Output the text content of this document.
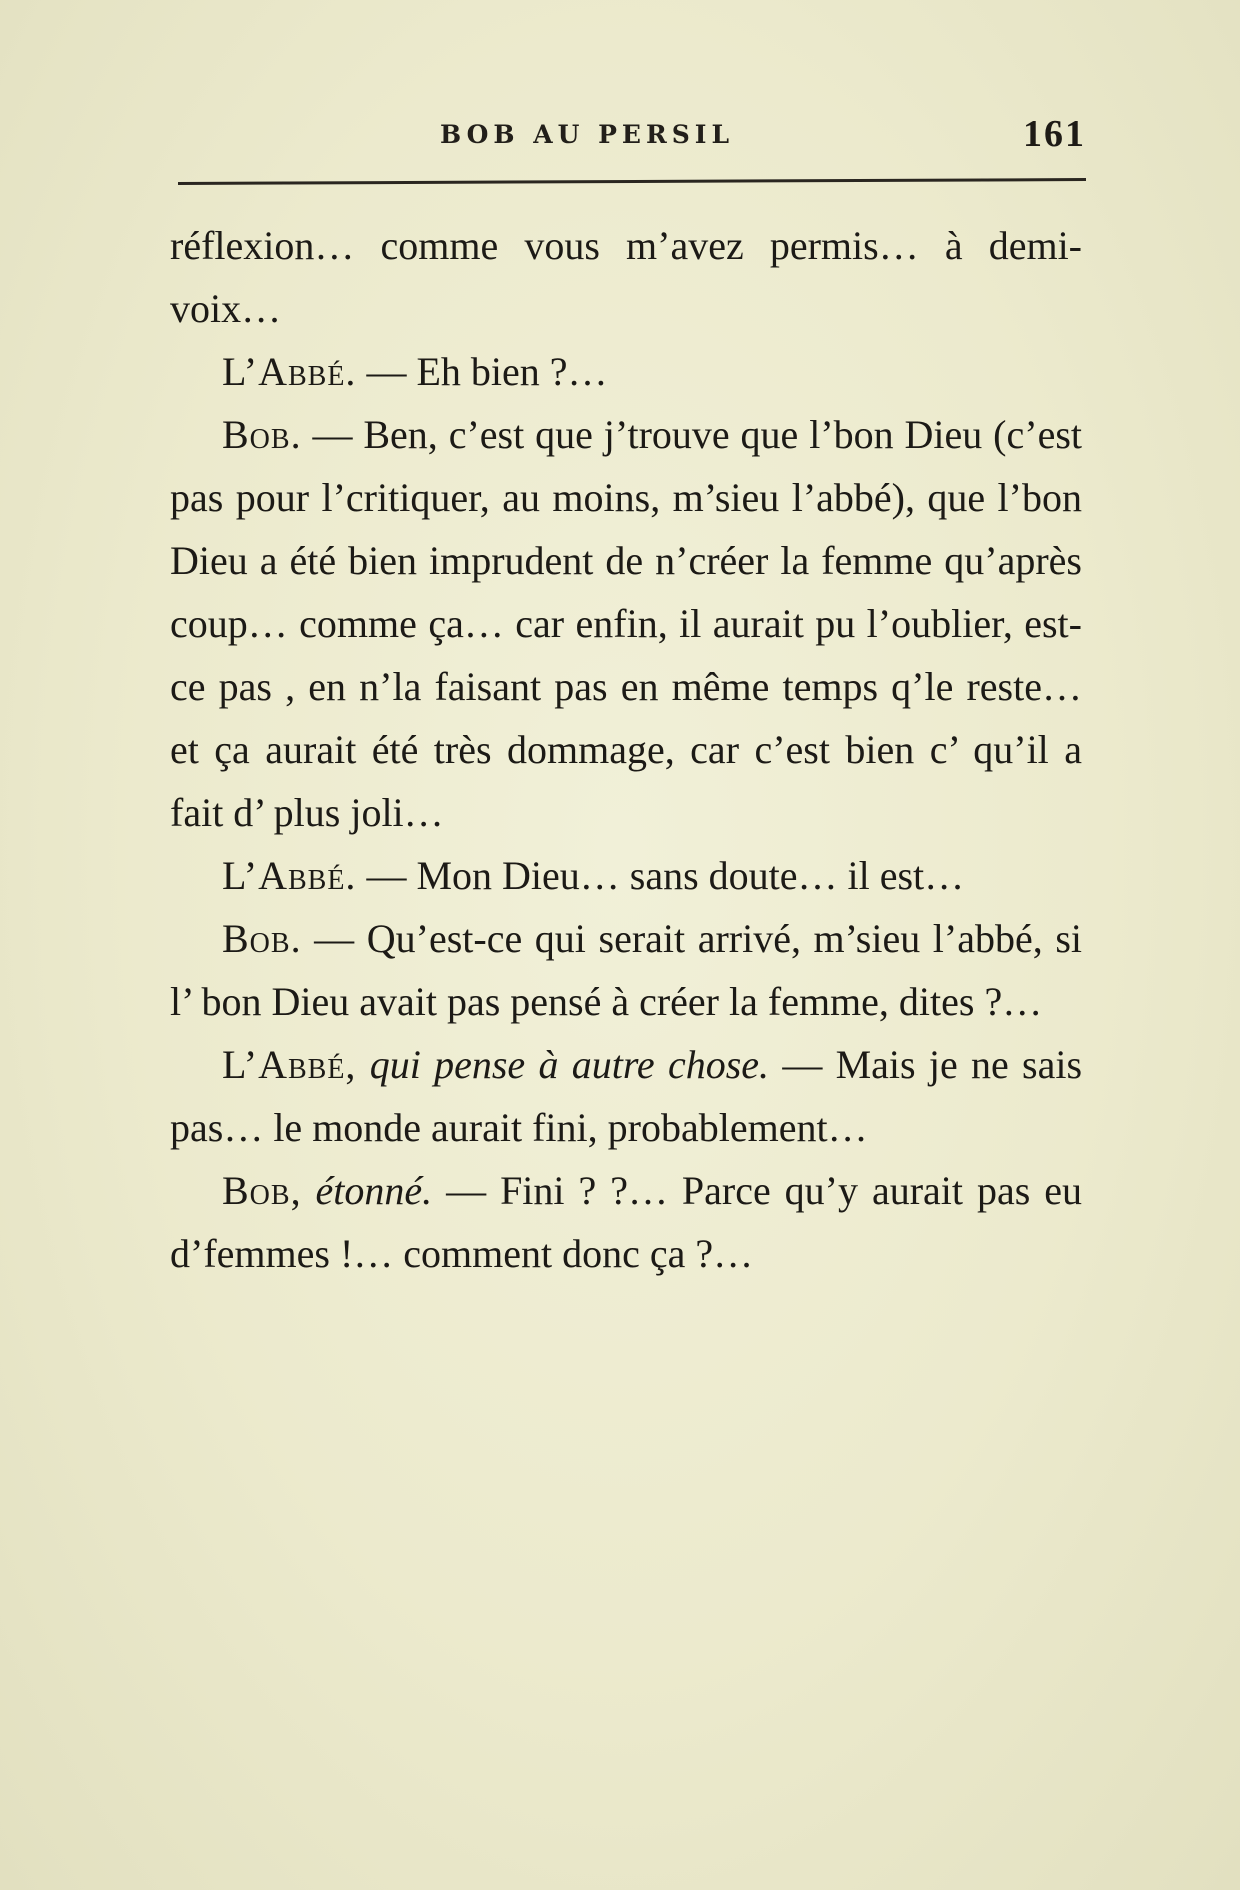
BOB AU PERSIL	161

réflexion… comme vous m’avez permis… à demi-voix…

L’Abbé. — Eh bien ?…

Bob. — Ben, c’est que j’trouve que l’bon Dieu (c’est pas pour l’critiquer, au moins, m’sieu l’abbé), que l’bon Dieu a été bien imprudent de n’créer la femme qu’après coup… comme ça… car enfin, il aurait pu l’oublier, est-ce pas , en n’la faisant pas en même temps q’le reste… et ça aurait été très dommage, car c’est bien c’ qu’il a fait d’ plus joli…

L’Abbé. — Mon Dieu… sans doute… il est…

Bob. — Qu’est-ce qui serait arrivé, m’sieu l’abbé, si l’ bon Dieu avait pas pensé à créer la femme, dites ?…

L’Abbé, qui pense à autre chose. — Mais je ne sais pas… le monde aurait fini, probablement…

Bob, étonné. — Fini ? ?… Parce qu’y aurait pas eu d’femmes !… comment donc ça ?…
